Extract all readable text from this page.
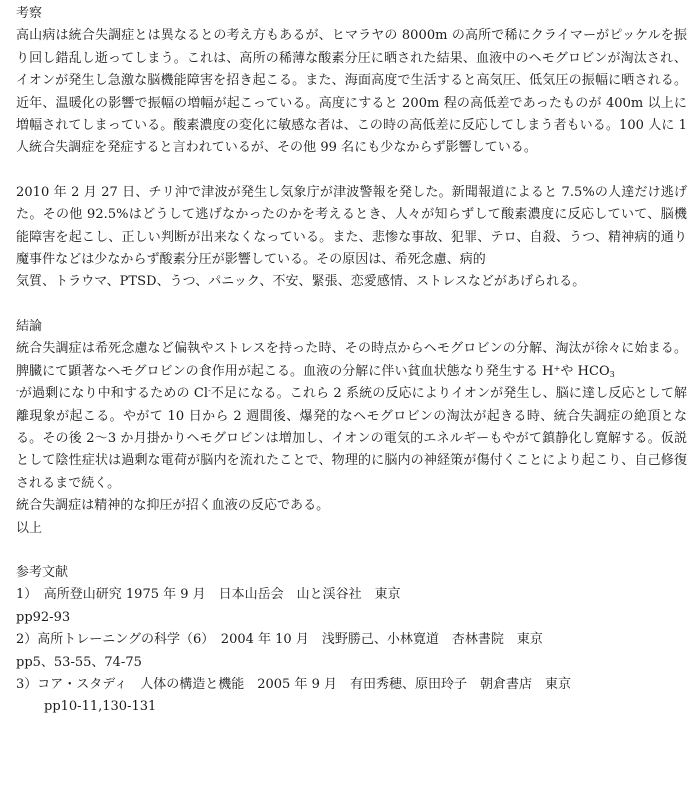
考察

高山病は統合失調症とは異なるとの考え方もあるが、ヒマラヤの 8000m の高所で稀にクライマーがピッケルを振り回し錯乱し逝ってしまう。これは、高所の稀薄な酸素分圧に晒された結果、血液中のヘモグロビンが淘汰され、イオンが発生し急激な脳機能障害を招き起こる。また、海面高度で生活すると高気圧、低気圧の振幅に晒される。近年、温暖化の影響で振幅の増幅が起こっている。高度にすると 200m 程の高低差であったものが 400m 以上に増幅されてしまっている。酸素濃度の変化に敏感な者は、この時の高低差に反応してしまう者もいる。100 人に 1 人統合失調症を発症すると言われているが、その他 99 名にも少なからず影響している。

2010 年 2 月 27 日、チリ沖で津波が発生し気象庁が津波警報を発した。新聞報道によると 7.5%の人達だけ逃げた。その他 92.5%はどうして逃げなかったのかを考えるとき、人々が知らずして酸素濃度に反応していて、脳機能障害を起こし、正しい判断が出来なくなっている。また、悲惨な事故、犯罪、テロ、自殺、うつ、精神病的通り魔事件などは少なからず酸素分圧が影響している。その原因は、希死念慮、病的

気質、トラウマ、PTSD、うつ、パニック、不安、緊張、恋愛感情、ストレスなどがあげられる。

結論

統合失調症は希死念慮など偏執やストレスを持った時、その時点からヘモグロビンの分解、淘汰が徐々に始まる。脾臓にて顕著なヘモグロビンの食作用が起こる。血液の分解に伴い貧血状態なり発生する H+や $HCO_3$
-が過剰になり中和するための Cl-不足になる。これら 2 系統の反応によりイオンが発生し、脳に達し反応として解離現象が起こる。やがて 10 日から 2 週間後、爆発的なヘモグロビンの淘汰が起きる時、統合失調症の絶頂となる。その後 2～3 か月掛かりヘモグロビンは増加し、イオンの電気的エネルギーもやがて鎮静化し寛解する。仮説として陰性症状は過剰な電荷が脳内を流れたことで、物理的に脳内の神経策が傷付くことにより起こり、自己修復されるまで続く。

統合失調症は精神的な抑圧が招く血液の反応である。

以上

参考文献

1）　高所登山研究 1975 年 9 月　日本山岳会　山と渓谷社　東京

pp92-93

2）高所トレーニングの科学（6）　2004 年 10 月　浅野勝己、小林寛道　杏林書院　東京

pp5、53-55、74-75

3）コア・スタディ　人体の構造と機能　2005 年 9 月　有田秀穂、原田玲子　朝倉書店　東京

pp10-11,130-131
